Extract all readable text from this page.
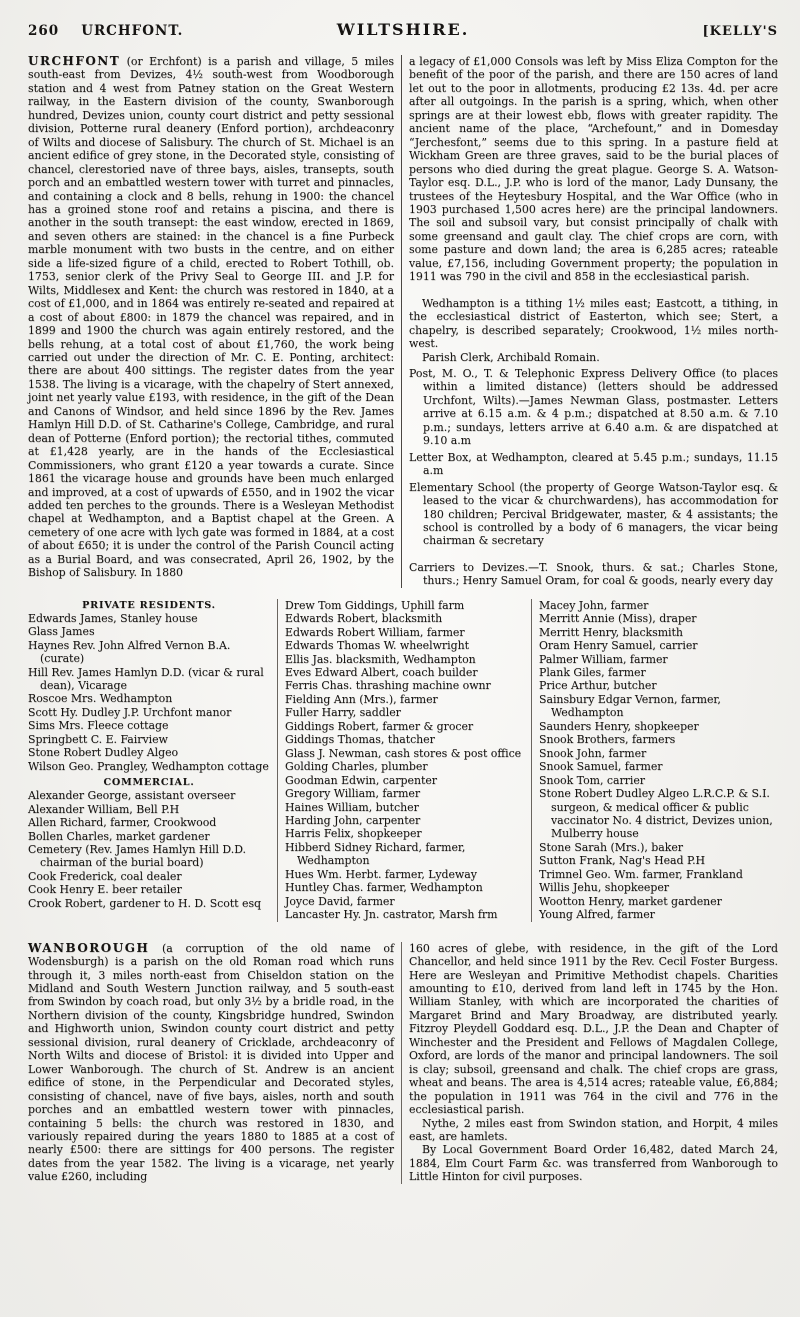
260 URCHFONT.	WILTSHIRE.	[KELLY'S

URCHFONT (or Erchfont) is a parish and village, 5 miles south-east from Devizes, 4½ south-west from Woodborough station and 4 west from Patney station on the Great Western railway, in the Eastern division of the county, Swanborough hundred, Devizes union, county court district and petty sessional division, Potterne rural deanery (Enford portion), archdeaconry of Wilts and diocese of Salisbury. The church of St. Michael is an ancient edifice of grey stone, in the Decorated style, consisting of chancel, clerestoried nave of three bays, aisles, transepts, south porch and an embattled western tower with turret and pinnacles, and containing a clock and 8 bells, rehung in 1900: the chancel has a groined stone roof and retains a piscina, and there is another in the south transept: the east window, erected in 1869, and seven others are stained: in the chancel is a fine Purbeck marble monument with two busts in the centre, and on either side a life-sized figure of a child, erected to Robert Tothill, ob. 1753, senior clerk of the Privy Seal to George III. and J.P. for Wilts, Middlesex and Kent: the church was restored in 1840, at a cost of £1,000, and in 1864 was entirely re-seated and repaired at a cost of about £800: in 1879 the chancel was repaired, and in 1899 and 1900 the church was again entirely restored, and the bells rehung, at a total cost of about £1,760, the work being carried out under the direction of Mr. C. E. Ponting, architect: there are about 400 sittings. The register dates from the year 1538. The living is a vicarage, with the chapelry of Stert annexed, joint net yearly value £193, with residence, in the gift of the Dean and Canons of Windsor, and held since 1896 by the Rev. James Hamlyn Hill D.D. of St. Catharine's College, Cambridge, and rural dean of Potterne (Enford portion); the rectorial tithes, commuted at £1,428 yearly, are in the hands of the Ecclesiastical Commissioners, who grant £120 a year towards a curate. Since 1861 the vicarage house and grounds have been much enlarged and improved, at a cost of upwards of £550, and in 1902 the vicar added ten perches to the grounds. There is a Wesleyan Methodist chapel at Wedhampton, and a Baptist chapel at the Green. A cemetery of one acre with lych gate was formed in 1884, at a cost of about £650; it is under the control of the Parish Council acting as a Burial Board, and was consecrated, April 26, 1902, by the Bishop of Salisbury. In 1880

a legacy of £1,000 Consols was left by Miss Eliza Compton for the benefit of the poor of the parish, and there are 150 acres of land let out to the poor in allotments, producing £2 13s. 4d. per acre after all outgoings. In the parish is a spring, which, when other springs are at their lowest ebb, flows with greater rapidity. The ancient name of the place, “Archefount,” and in Domesday “Jerchesfont,” seems due to this spring. In a pasture field at Wickham Green are three graves, said to be the burial places of persons who died during the great plague. George S. A. Watson-Taylor esq. D.L., J.P. who is lord of the manor, Lady Dunsany, the trustees of the Heytesbury Hospital, and the War Office (who in 1903 purchased 1,500 acres here) are the principal landowners. The soil and subsoil vary, but consist principally of chalk with some greensand and gault clay. The chief crops are corn, with some pasture and down land; the area is 6,285 acres; rateable value, £7,156, including Government property; the population in 1911 was 790 in the civil and 858 in the ecclesiastical parish.

Wedhampton is a tithing 1½ miles east; Eastcott, a tithing, in the ecclesiastical district of Easterton, which see; Stert, a chapelry, is described separately; Crookwood, 1½ miles north-west.

Parish Clerk, Archibald Romain.

Post, M. O., T. & Telephonic Express Delivery Office (to places within a limited distance) (letters should be addressed Urchfont, Wilts).—James Newman Glass, postmaster. Letters arrive at 6.15 a.m. & 4 p.m.; dispatched at 8.50 a.m. & 7.10 p.m.; sundays, letters arrive at 6.40 a.m. & are dispatched at 9.10 a.m

Letter Box, at Wedhampton, cleared at 5.45 p.m.; sundays, 11.15 a.m

Elementary School (the property of George Watson-Taylor esq. & leased to the vicar & churchwardens), has accommodation for 180 children; Percival Bridgewater, master, & 4 assistants; the school is controlled by a body of 6 managers, the vicar being chairman & secretary

Carriers to Devizes.—T. Snook, thurs. & sat.; Charles Stone, thurs.; Henry Samuel Oram, for coal & goods, nearly every day

PRIVATE RESIDENTS.

Edwards James, Stanley house

Glass James

Haynes Rev. John Alfred Vernon B.A. (curate)

Hill Rev. James Hamlyn D.D. (vicar & rural dean), Vicarage

Roscoe Mrs. Wedhampton

Scott Hy. Dudley J.P. Urchfont manor

Sims Mrs. Fleece cottage

Springbett C. E. Fairview

Stone Robert Dudley Algeo

Wilson Geo. Prangley, Wedhampton cottage

COMMERCIAL.

Alexander George, assistant overseer

Alexander William, Bell P.H

Allen Richard, farmer, Crookwood

Bollen Charles, market gardener

Cemetery (Rev. James Hamlyn Hill D.D. chairman of the burial board)

Cook Frederick, coal dealer

Cook Henry E. beer retailer

Crook Robert, gardener to H. D. Scott esq

Drew Tom Giddings, Uphill farm

Edwards Robert, blacksmith

Edwards Robert William, farmer

Edwards Thomas W. wheelwright

Ellis Jas. blacksmith, Wedhampton

Eves Edward Albert, coach builder

Ferris Chas. thrashing machine ownr

Fielding Ann (Mrs.), farmer

Fuller Harry, saddler

Giddings Robert, farmer & grocer

Giddings Thomas, thatcher

Glass J. Newman, cash stores & post office

Golding Charles, plumber

Goodman Edwin, carpenter

Gregory William, farmer

Haines William, butcher

Harding John, carpenter

Harris Felix, shopkeeper

Hibberd Sidney Richard, farmer, Wedhampton

Hues Wm. Herbt. farmer, Lydeway

Huntley Chas. farmer, Wedhampton

Joyce David, farmer

Lancaster Hy. Jn. castrator, Marsh frm

Macey John, farmer

Merritt Annie (Miss), draper

Merritt Henry, blacksmith

Oram Henry Samuel, carrier

Palmer William, farmer

Plank Giles, farmer

Price Arthur, butcher

Sainsbury Edgar Vernon, farmer, Wedhampton

Saunders Henry, shopkeeper

Snook Brothers, farmers

Snook John, farmer

Snook Samuel, farmer

Snook Tom, carrier

Stone Robert Dudley Algeo L.R.C.P. & S.I. surgeon, & medical officer & public vaccinator No. 4 district, Devizes union, Mulberry house

Stone Sarah (Mrs.), baker

Sutton Frank, Nag's Head P.H

Trimnel Geo. Wm. farmer, Frankland

Willis Jehu, shopkeeper

Wootton Henry, market gardener

Young Alfred, farmer

WANBOROUGH (a corruption of the old name of Wodensburgh) is a parish on the old Roman road which runs through it, 3 miles north-east from Chiseldon station on the Midland and South Western Junction railway, and 5 south-east from Swindon by coach road, but only 3½ by a bridle road, in the Northern division of the county, Kingsbridge hundred, Swindon and Highworth union, Swindon county court district and petty sessional division, rural deanery of Cricklade, archdeaconry of North Wilts and diocese of Bristol: it is divided into Upper and Lower Wanborough. The church of St. Andrew is an ancient edifice of stone, in the Perpendicular and Decorated styles, consisting of chancel, nave of five bays, aisles, north and south porches and an embattled western tower with pinnacles, containing 5 bells: the church was restored in 1830, and variously repaired during the years 1880 to 1885 at a cost of nearly £500: there are sittings for 400 persons. The register dates from the year 1582. The living is a vicarage, net yearly value £260, including

160 acres of glebe, with residence, in the gift of the Lord Chancellor, and held since 1911 by the Rev. Cecil Foster Burgess. Here are Wesleyan and Primitive Methodist chapels. Charities amounting to £10, derived from land left in 1745 by the Hon. William Stanley, with which are incorporated the charities of Margaret Brind and Mary Broadway, are distributed yearly. Fitzroy Pleydell Goddard esq. D.L., J.P. the Dean and Chapter of Winchester and the President and Fellows of Magdalen College, Oxford, are lords of the manor and principal landowners. The soil is clay; subsoil, greensand and chalk. The chief crops are grass, wheat and beans. The area is 4,514 acres; rateable value, £6,884; the population in 1911 was 764 in the civil and 776 in the ecclesiastical parish.

Nythe, 2 miles east from Swindon station, and Horpit, 4 miles east, are hamlets.

By Local Government Board Order 16,482, dated March 24, 1884, Elm Court Farm &c. was transferred from Wanborough to Little Hinton for civil purposes.
